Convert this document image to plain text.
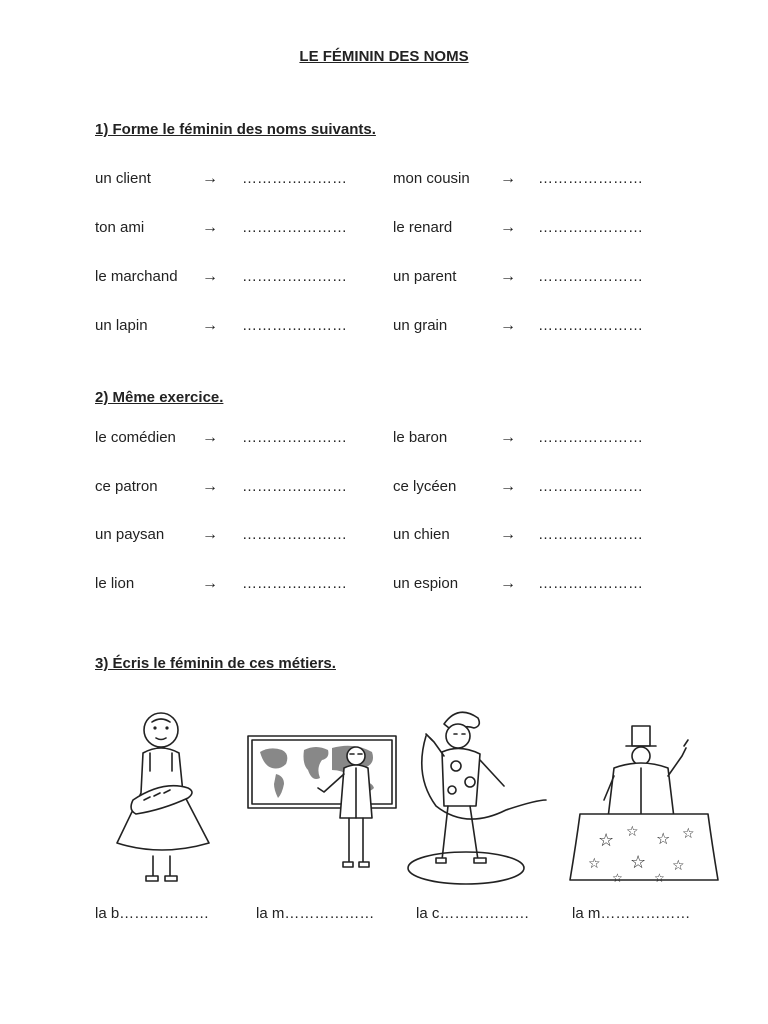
LE FÉMININ DES NOMS
1) Forme le féminin des noms suivants.
un client	→ …………………	mon cousin → …………………
ton ami	→ …………………	le renard	→ …………………
le marchand → …………………	un parent	→ …………………
un lapin	→ …………………	un grain	→ …………………
2) Même exercice.
le comédien → …………………	le baron	→ …………………
ce patron	→ …………………	ce lycéen	→ …………………
un paysan → …………………	un chien	→ …………………
le lion	→ …………………	un espion	→ …………………
3) Écris le féminin de ces métiers.
la b………………	la m………………	la c………………
☆ ☆ ☆ ☆
☆ ☆ ☆
☆	☆
la m………………
